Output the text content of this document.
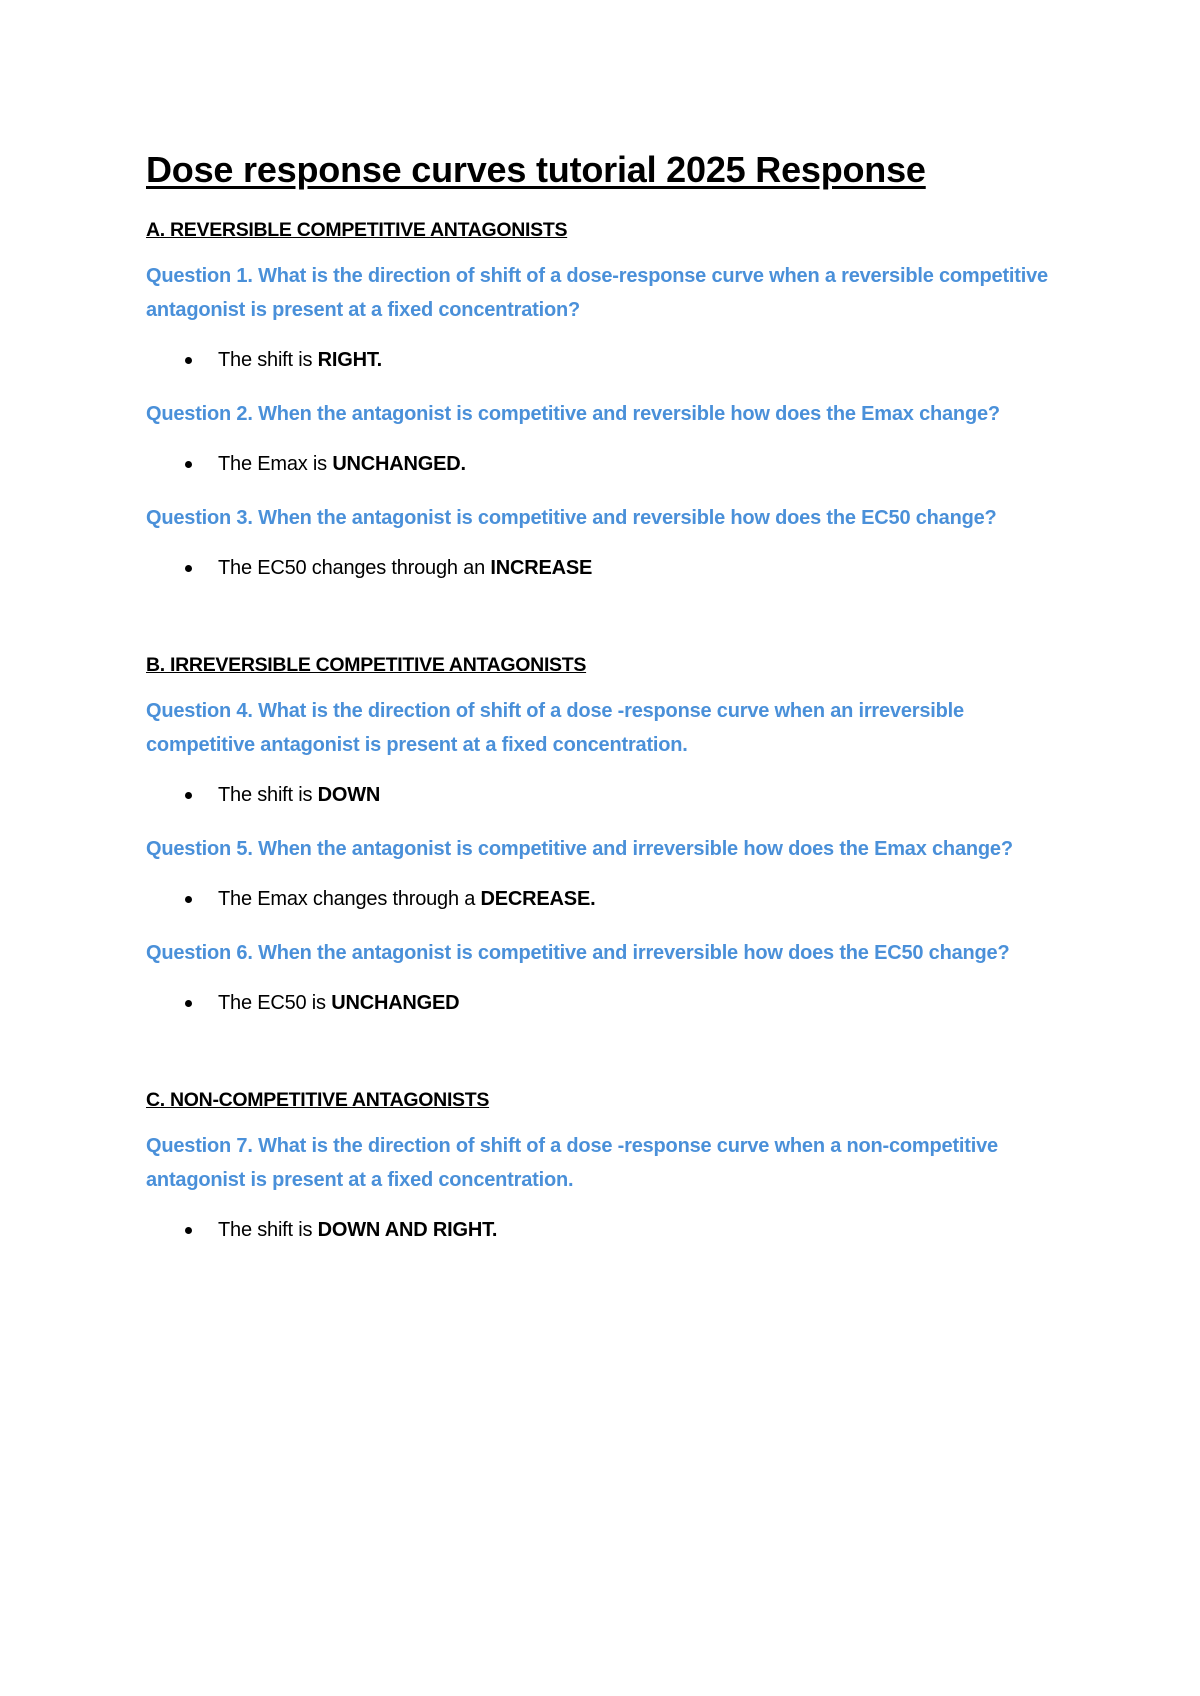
Dose response curves tutorial 2025 Response
A. REVERSIBLE COMPETITIVE ANTAGONISTS

Question 1. What is the direction of shift of a dose-response curve when a reversible competitive antagonist is present at a fixed concentration?

The shift is RIGHT.

Question 2. When the antagonist is competitive and reversible how does the Emax change?

The Emax is UNCHANGED.

Question 3. When the antagonist is competitive and reversible how does the EC50 change?

The EC50 changes through an INCREASE
B. IRREVERSIBLE COMPETITIVE ANTAGONISTS

Question 4. What is the direction of shift of a dose -response curve when an irreversible competitive antagonist is present at a fixed concentration.

The shift is DOWN

Question 5. When the antagonist is competitive and irreversible how does the Emax change?

The Emax changes through a DECREASE.

Question 6. When the antagonist is competitive and irreversible how does the EC50 change?

The EC50 is UNCHANGED
C. NON-COMPETITIVE ANTAGONISTS

Question 7. What is the direction of shift of a dose -response curve when a non-competitive antagonist is present at a fixed concentration.

The shift is DOWN AND RIGHT.
